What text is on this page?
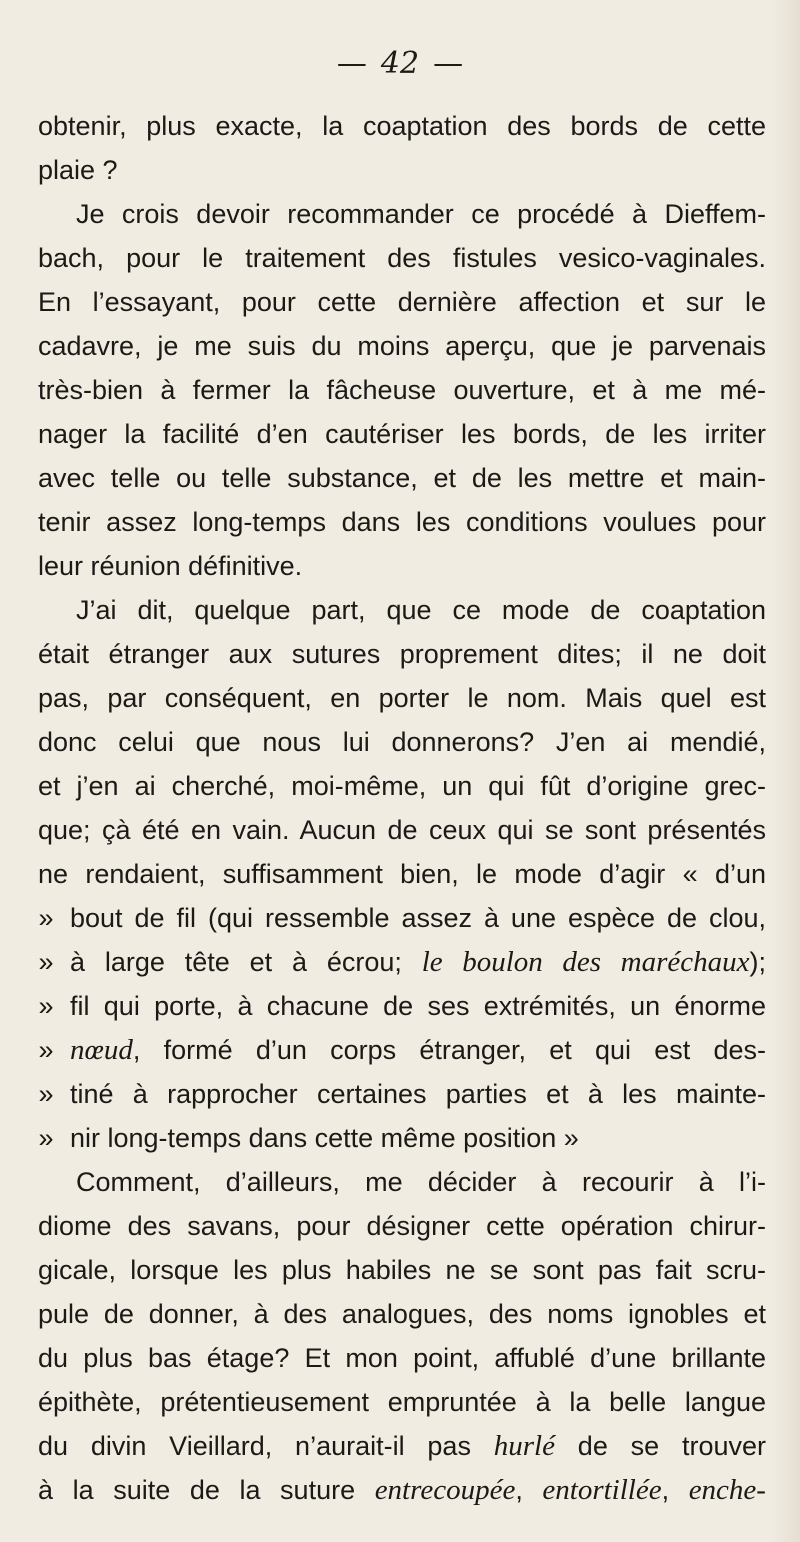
— 42 —
obtenir, plus exacte, la coaptation des bords de cette
plaie ?
Je crois devoir recommander ce procédé à Dieffem-
bach, pour le traitement des fistules vesico-vaginales.
En l’essayant, pour cette dernière affection et sur le
cadavre, je me suis du moins aperçu, que je parvenais
très-bien à fermer la fâcheuse ouverture, et à me mé-
nager la facilité d’en cautériser les bords, de les irriter
avec telle ou telle substance, et de les mettre et main-
tenir assez long-temps dans les conditions voulues pour
leur réunion définitive.
J’ai dit, quelque part, que ce mode de coaptation
était étranger aux sutures proprement dites; il ne doit
pas, par conséquent, en porter le nom. Mais quel est
donc celui que nous lui donnerons? J’en ai mendié,
et j’en ai cherché, moi-même, un qui fût d’origine grec-
que; çà été en vain. Aucun de ceux qui se sont présentés
ne rendaient, suffisamment bien, le mode d’agir « d’un
bout de fil (qui ressemble assez à une espèce de clou,
»
à large tête et à écrou; le boulon des maréchaux);
»
fil qui porte, à chacune de ses extrémités, un énorme
»
nœud, formé d’un corps étranger, et qui est des-
»
tiné à rapprocher certaines parties et à les mainte-
»
nir long-temps dans cette même position »
»
Comment, d’ailleurs, me décider à recourir à l’i-
diome des savans, pour désigner cette opération chirur-
gicale, lorsque les plus habiles ne se sont pas fait scru-
pule de donner, à des analogues, des noms ignobles et
du plus bas étage? Et mon point, affublé d’une brillante
épithète, prétentieusement empruntée à la belle langue
du divin Vieillard, n’aurait-il pas hurlé de se trouver
à la suite de la suture entrecoupée, entortillée, enche-
